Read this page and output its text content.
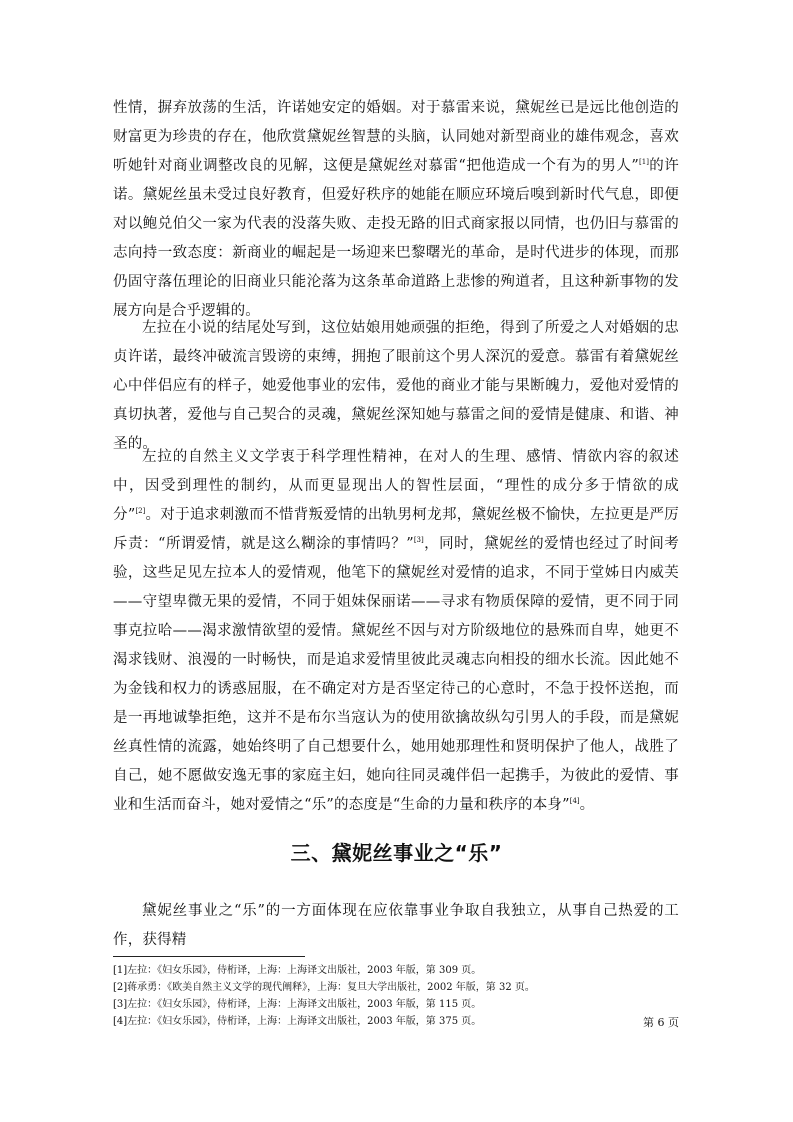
性情，摒弃放荡的生活，许诺她安定的婚姻。对于慕雷来说，黛妮丝已是远比他创造的财富更为珍贵的存在，他欣赏黛妮丝智慧的头脑，认同她对新型商业的雄伟观念，喜欢听她针对商业调整改良的见解，这便是黛妮丝对慕雷“把他造成一个有为的男人”[1]的许诺。黛妮丝虽未受过良好教育，但爱好秩序的她能在顺应环境后嗅到新时代气息，即便对以鲍兑伯父一家为代表的没落失败、走投无路的旧式商家报以同情，也仍旧与慕雷的志向持一致态度：新商业的崛起是一场迎来巴黎曙光的革命，是时代进步的体现，而那仍固守落伍理论的旧商业只能沦落为这条革命道路上悲惨的殉道者，且这种新事物的发展方向是合乎逻辑的。

左拉在小说的结尾处写到，这位姑娘用她顽强的拒绝，得到了所爱之人对婚姻的忠贞许诺，最终冲破流言毁谤的束缚，拥抱了眼前这个男人深沉的爱意。慕雷有着黛妮丝心中伴侣应有的样子，她爱他事业的宏伟，爱他的商业才能与果断魄力，爱他对爱情的真切执著，爱他与自己契合的灵魂，黛妮丝深知她与慕雷之间的爱情是健康、和谐、神圣的。

左拉的自然主义文学衷于科学理性精神，在对人的生理、感情、情欲内容的叙述中，因受到理性的制约，从而更显现出人的智性层面，“理性的成分多于情欲的成分”[2]。对于追求刺激而不惜背叛爱情的出轨男柯龙邦，黛妮丝极不愉快，左拉更是严厉斥责：“所谓爱情，就是这么糊涂的事情吗？”[3]，同时，黛妮丝的爱情也经过了时间考验，这些足见左拉本人的爱情观，他笔下的黛妮丝对爱情的追求，不同于堂姊日内威芙——守望卑微无果的爱情，不同于姐妹保丽诺——寻求有物质保障的爱情，更不同于同事克拉哈——渴求激情欲望的爱情。黛妮丝不因与对方阶级地位的悬殊而自卑，她更不渴求钱财、浪漫的一时畅快，而是追求爱情里彼此灵魂志向相投的细水长流。因此她不为金钱和权力的诱惑屈服，在不确定对方是否坚定待己的心意时，不急于投怀送抱，而是一再地诚挚拒绝，这并不是布尔当寇认为的使用欲擒故纵勾引男人的手段，而是黛妮丝真性情的流露，她始终明了自己想要什么，她用她那理性和贤明保护了他人，战胜了自己，她不愿做安逸无事的家庭主妇，她向往同灵魂伴侣一起携手，为彼此的爱情、事业和生活而奋斗，她对爱情之“乐”的态度是“生命的力量和秩序的本身”[4]。

三、黛妮丝事业之“乐”

黛妮丝事业之“乐”的一方面体现在应依靠事业争取自我独立，从事自己热爱的工作，获得精

[1]左拉：《妇女乐园》，侍桁译，上海：上海译文出版社，2003 年版，第 309 页。
[2]蒋承勇：《欧美自然主义文学的现代阐释》，上海：复旦大学出版社，2002 年版，第 32 页。
[3]左拉：《妇女乐园》，侍桁译，上海：上海译文出版社，2003 年版，第 115 页。
[4]左拉：《妇女乐园》，侍桁译，上海：上海译文出版社，2003 年版，第 375 页。	第 6 页
